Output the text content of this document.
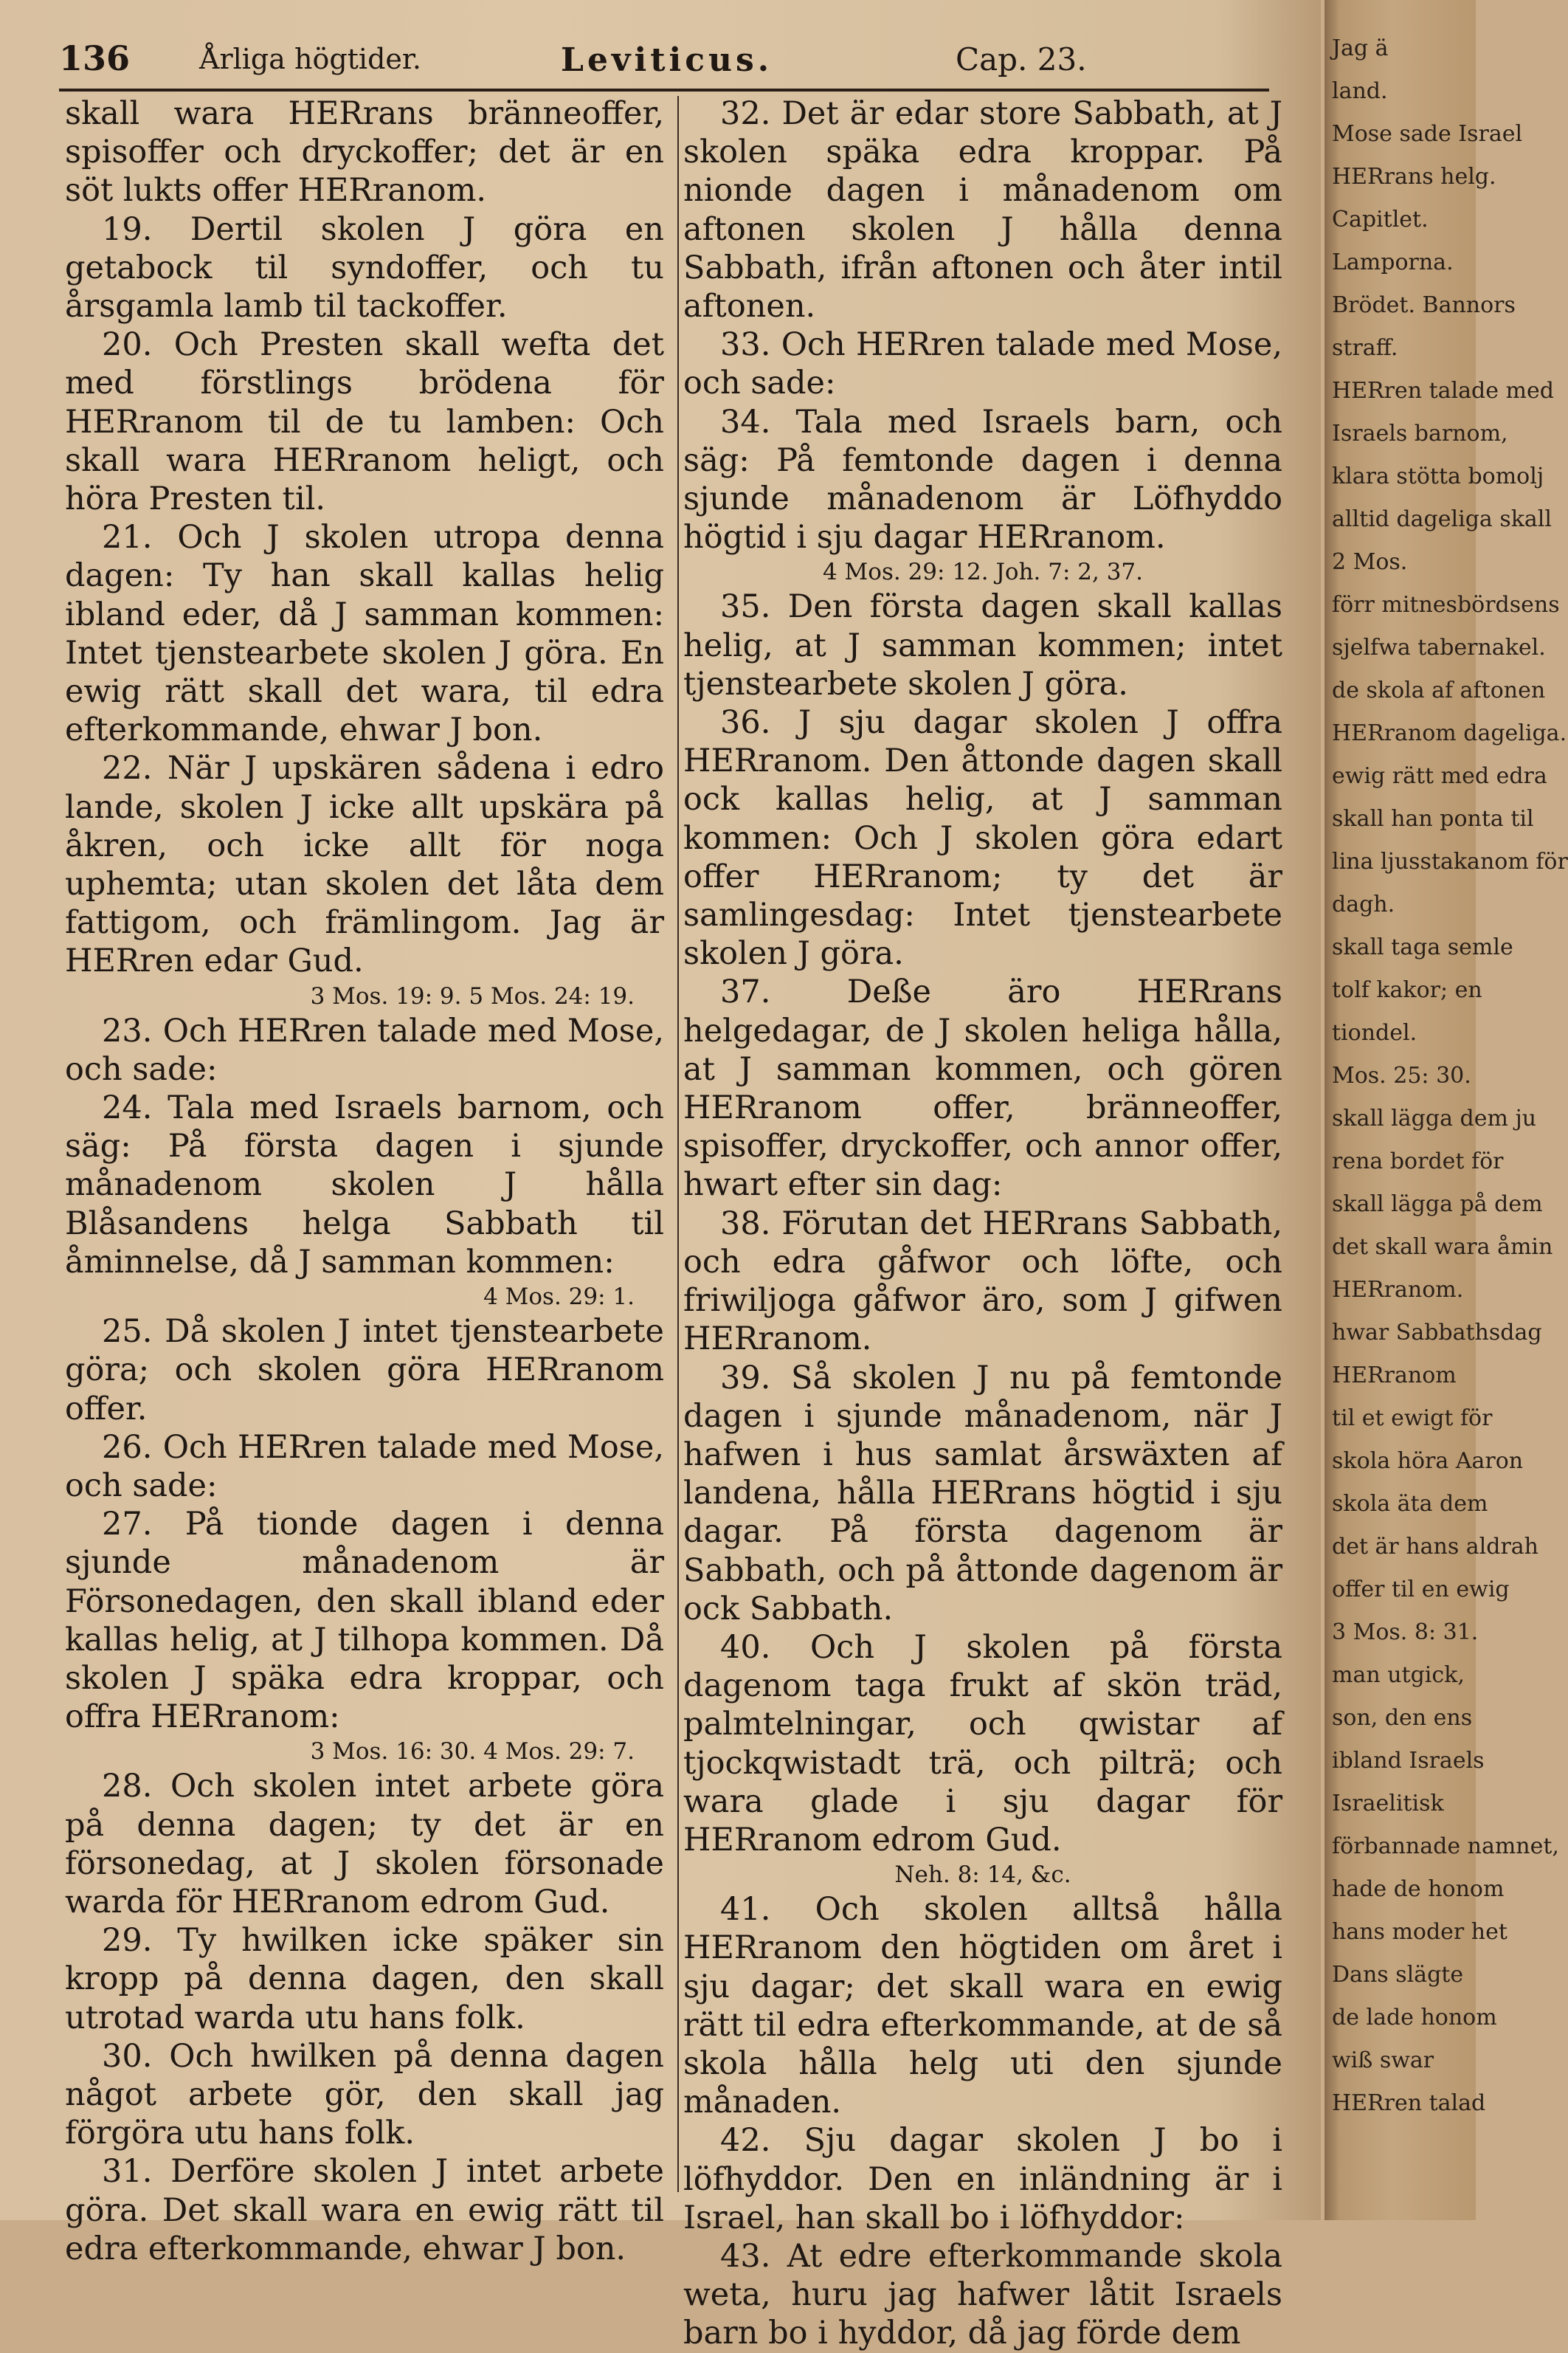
136 Årliga högtider.	Leviticus.	Cap. 23.

skall wara HERrans bränneoffer, spisoffer och dryckoffer; det är en söt lukts offer HERranom.

19. Dertil skolen J göra en getabock til syndoffer, och tu årsgamla lamb til tackoffer.

20. Och Presten skall wefta det med förstlings brödena för HERranom til de tu lamben: Och skall wara HERranom heligt, och höra Presten til.

21. Och J skolen utropa denna dagen: Ty han skall kallas helig ibland eder, då J samman kommen: Intet tjenstearbete skolen J göra. En ewig rätt skall det wara, til edra efterkommande, ehwar J bon.

22. När J upskären sådena i edro lande, skolen J icke allt upskära på åkren, och icke allt för noga uphemta; utan skolen det låta dem fattigom, och främlingom. Jag är HERren edar Gud.

3 Mos. 19: 9. 5 Mos. 24: 19.

23. Och HERren talade med Mose, och sade:

24. Tala med Israels barnom, och säg: På första dagen i sjunde månadenom skolen J hålla Blåsandens helga Sabbath til åminnelse, då J samman kommen:

4 Mos. 29: 1.

25. Då skolen J intet tjenstearbete göra; och skolen göra HERranom offer.

26. Och HERren talade med Mose, och sade:

27. På tionde dagen i denna sjunde månadenom är Försonedagen, den skall ibland eder kallas helig, at J tilhopa kommen. Då skolen J späka edra kroppar, och offra HERranom:

3 Mos. 16: 30. 4 Mos. 29: 7.

28. Och skolen intet arbete göra på denna dagen; ty det är en försonedag, at J skolen försonade warda för HERranom edrom Gud.

29. Ty hwilken icke späker sin kropp på denna dagen, den skall utrotad warda utu hans folk.

30. Och hwilken på denna dagen något arbete gör, den skall jag förgöra utu hans folk.

31. Derföre skolen J intet arbete göra. Det skall wara en ewig rätt til edra efterkommande, ehwar J bon.

32. Det är edar store Sabbath, at J skolen späka edra kroppar. På nionde dagen i månadenom om aftonen skolen J hålla denna Sabbath, ifrån aftonen och åter intil aftonen.

33. Och HERren talade med Mose, och sade:

34. Tala med Israels barn, och säg: På femtonde dagen i denna sjunde månadenom är Löfhyddo högtid i sju dagar HERranom.

4 Mos. 29: 12. Joh. 7: 2, 37.

35. Den första dagen skall kallas helig, at J samman kommen; intet tjenstearbete skolen J göra.

36. J sju dagar skolen J offra HERranom. Den åttonde dagen skall ock kallas helig, at J samman kommen: Och J skolen göra edart offer HERranom; ty det är samlingesdag: Intet tjenstearbete skolen J göra.

37. Deße äro HERrans helgedagar, de J skolen heliga hålla, at J samman kommen, och gören HERranom offer, bränneoffer, spisoffer, dryckoffer, och annor offer, hwart efter sin dag:

38. Förutan det HERrans Sabbath, och edra gåfwor och löfte, och friwiljoga gåfwor äro, som J gifwen HERranom.

39. Så skolen J nu på femtonde dagen i sjunde månadenom, när J hafwen i hus samlat årswäxten af landena, hålla HERrans högtid i sju dagar. På första dagenom är Sabbath, och på åttonde dagenom är ock Sabbath.

40. Och J skolen på första dagenom taga frukt af skön träd, palmtelningar, och qwistar af tjockqwistadt trä, och pilträ; och wara glade i sju dagar för HERranom edrom Gud.

Neh. 8: 14, &c.

41. Och skolen alltså hålla HERranom den högtiden om året i sju dagar; det skall wara en ewig rätt til edra efterkommande, at de så skola hålla helg uti den sjunde månaden.

42. Sju dagar skolen J bo i löfhyddor. Den en inländning är i Israel, han skall bo i löfhyddor:

43. At edre efterkommande skola weta, huru jag hafwer låtit Israels barn bo i hyddor, då jag förde dem

Jag ä
land.
Mose sade Israel
HERrans helg.
Capitlet.
Lamporna.
Brödet. Bannors
straff.
HERren talade med
Israels barnom,
klara stötta bomolj
alltid dageliga skall
2 Mos.
förr mitnesbördsens
sjelfwa tabernakel.
de skola af aftonen
HERranom dageliga.
ewig rätt med edra
skall han ponta til
lina ljusstakanom för
dagh.
skall taga semle
tolf kakor; en
tiondel.
Mos. 25: 30.
skall lägga dem ju
rena bordet för
skall lägga på dem
det skall wara åmin
HERranom.
hwar Sabbathsdag
HERranom
til et ewigt för
skola höra Aaron
skola äta dem
det är hans aldrah
offer til en ewig
3 Mos. 8: 31.
man utgick,
son, den ens
ibland Israels
Israelitisk
förbannade namnet,
hade de honom
hans moder het
Dans slägte
de lade honom
wiß swar
HERren talad
